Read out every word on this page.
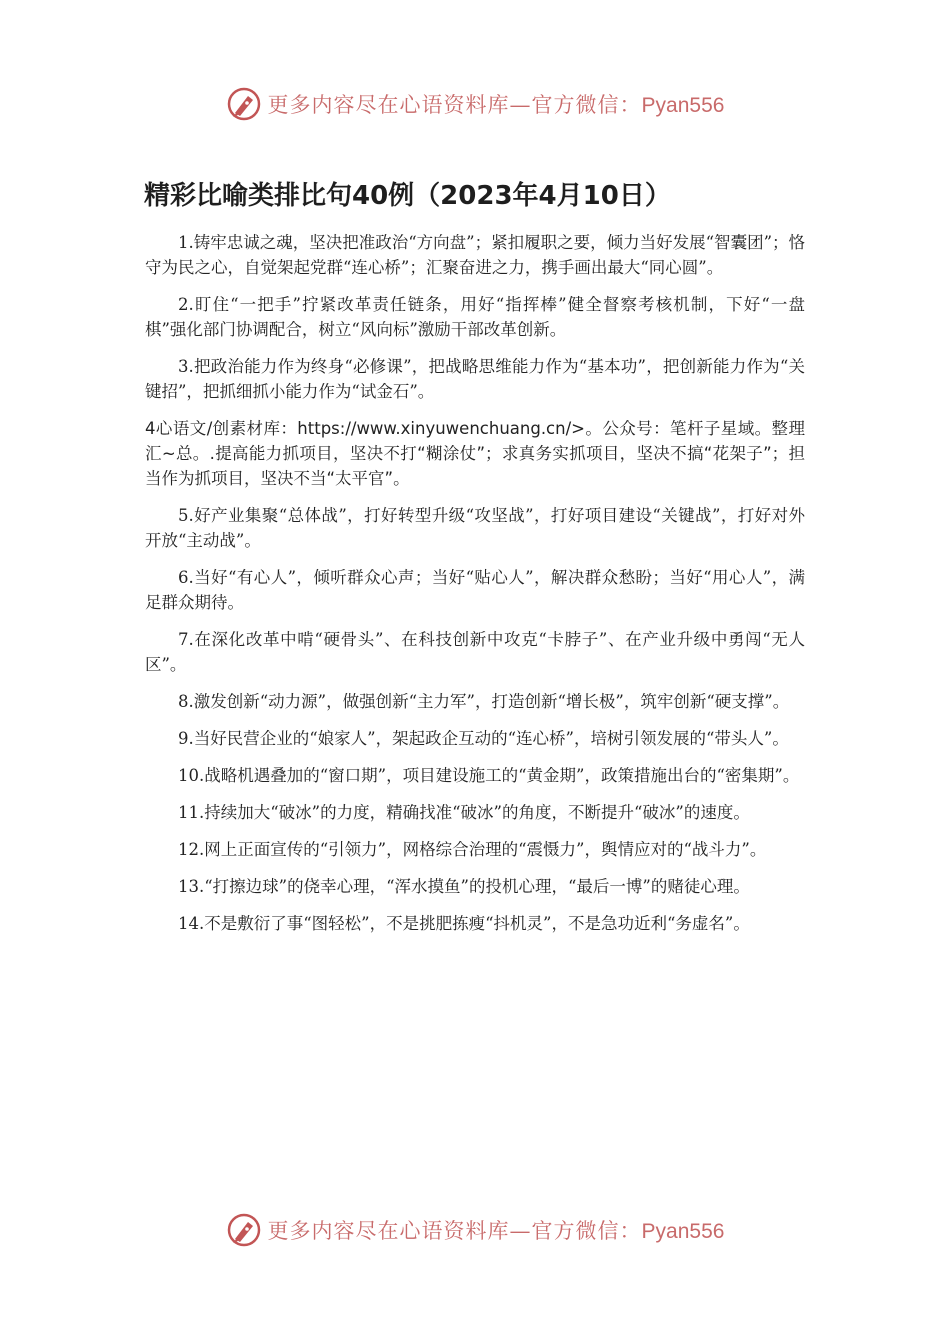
更多内容尽在心语资料库—官方微信：Pyan556
精彩比喻类排比句40例（2023年4月10日）

1.铸牢忠诚之魂，坚决把准政治“方向盘”；紧扣履职之要，倾力当好发展“智囊团”；恪守为民之心，自觉架起党群“连心桥”；汇聚奋进之力，携手画出最大“同心圆”。

2.盯住“一把手”拧紧改革责任链条，用好“指挥棒”健全督察考核机制，下好“一盘棋”强化部门协调配合，树立“风向标”激励干部改革创新。

3.把政治能力作为终身“必修课”，把战略思维能力作为“基本功”，把创新能力作为“关键招”，把抓细抓小能力作为“试金石”。

4心语文/创素材库：https://www.xinyuwenchuang.cn/>。公众号：笔杆子星域。整理汇~总。.提高能力抓项目，坚决不打“糊涂仗”；求真务实抓项目，坚决不搞“花架子”；担当作为抓项目，坚决不当“太平官”。

5.好产业集聚“总体战”，打好转型升级“攻坚战”，打好项目建设“关键战”，打好对外开放“主动战”。

6.当好“有心人”，倾听群众心声；当好“贴心人”，解决群众愁盼；当好“用心人”，满足群众期待。

7.在深化改革中啃“硬骨头”、在科技创新中攻克“卡脖子”、在产业升级中勇闯“无人区”。

8.激发创新“动力源”，做强创新“主力军”，打造创新“增长极”，筑牢创新“硬支撑”。

9.当好民营企业的“娘家人”，架起政企互动的“连心桥”，培树引领发展的“带头人”。

10.战略机遇叠加的“窗口期”，项目建设施工的“黄金期”，政策措施出台的“密集期”。

11.持续加大“破冰”的力度，精确找准“破冰”的角度，不断提升“破冰”的速度。

12.网上正面宣传的“引领力”，网格综合治理的“震慑力”，舆情应对的“战斗力”。

13.“打擦边球”的侥幸心理，“浑水摸鱼”的投机心理，“最后一博”的赌徒心理。

14.不是敷衍了事“图轻松”，不是挑肥拣瘦“抖机灵”，不是急功近利“务虚名”。

更多内容尽在心语资料库—官方微信：Pyan556
